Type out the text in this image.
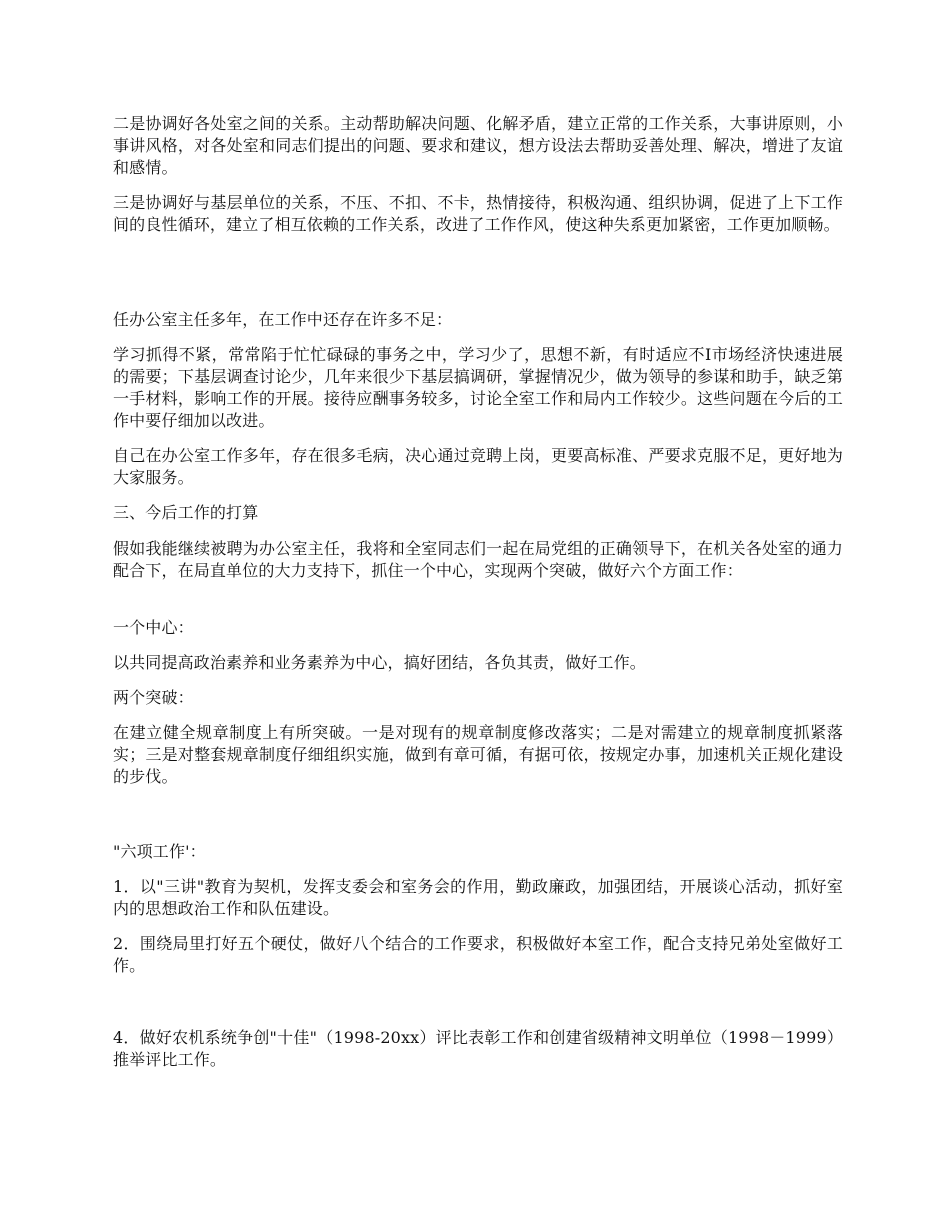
二是协调好各处室之间的关系。主动帮助解决问题、化解矛盾，建立正常的工作关系，大事讲原则，小事讲风格，对各处室和同志们提出的问题、要求和建议，想方设法去帮助妥善处理、解决，增进了友谊和感情。

三是协调好与基层单位的关系，不压、不扣、不卡，热情接待，积极沟通、组织协调，促进了上下工作间的良性循环，建立了相互依赖的工作关系，改进了工作作风，使这种失系更加紧密，工作更加顺畅。

任办公室主任多年，在工作中还存在许多不足：

学习抓得不紧，常常陷于忙忙碌碌的事务之中，学习少了，思想不新，有时适应不I市场经济快速进展的需要；下基层调查讨论少，几年来很少下基层搞调研，掌握情况少，做为领导的参谋和助手，缺乏第一手材料，影响工作的开展。接待应酬事务较多，讨论全室工作和局内工作较少。这些问题在今后的工作中要仔细加以改进。

自己在办公室工作多年，存在很多毛病，决心通过竞聘上岗，更要高标准、严要求克服不足，更好地为大家服务。

三、今后工作的打算

假如我能继续被聘为办公室主任，我将和全室同志们一起在局党组的正确领导下，在机关各处室的通力配合下，在局直单位的大力支持下，抓住一个中心，实现两个突破，做好六个方面工作：

一个中心：

以共同提高政治素养和业务素养为中心，搞好团结，各负其责，做好工作。

两个突破：

在建立健全规章制度上有所突破。一是对现有的规章制度修改落实；二是对需建立的规章制度抓紧落实；三是对整套规章制度仔细组织实施，做到有章可循，有据可依，按规定办事，加速机关正规化建设的步伐。

"六项工作'：

1．以"三讲"教育为契机，发挥支委会和室务会的作用，勤政廉政，加强团结，开展谈心活动，抓好室内的思想政治工作和队伍建设。

2．围绕局里打好五个硬仗，做好八个结合的工作要求，积极做好本室工作，配合支持兄弟处室做好工作。

4．做好农机系统争创"十佳"（1998-20xx）评比表彰工作和创建省级精神文明单位（1998－1999）推举评比工作。
